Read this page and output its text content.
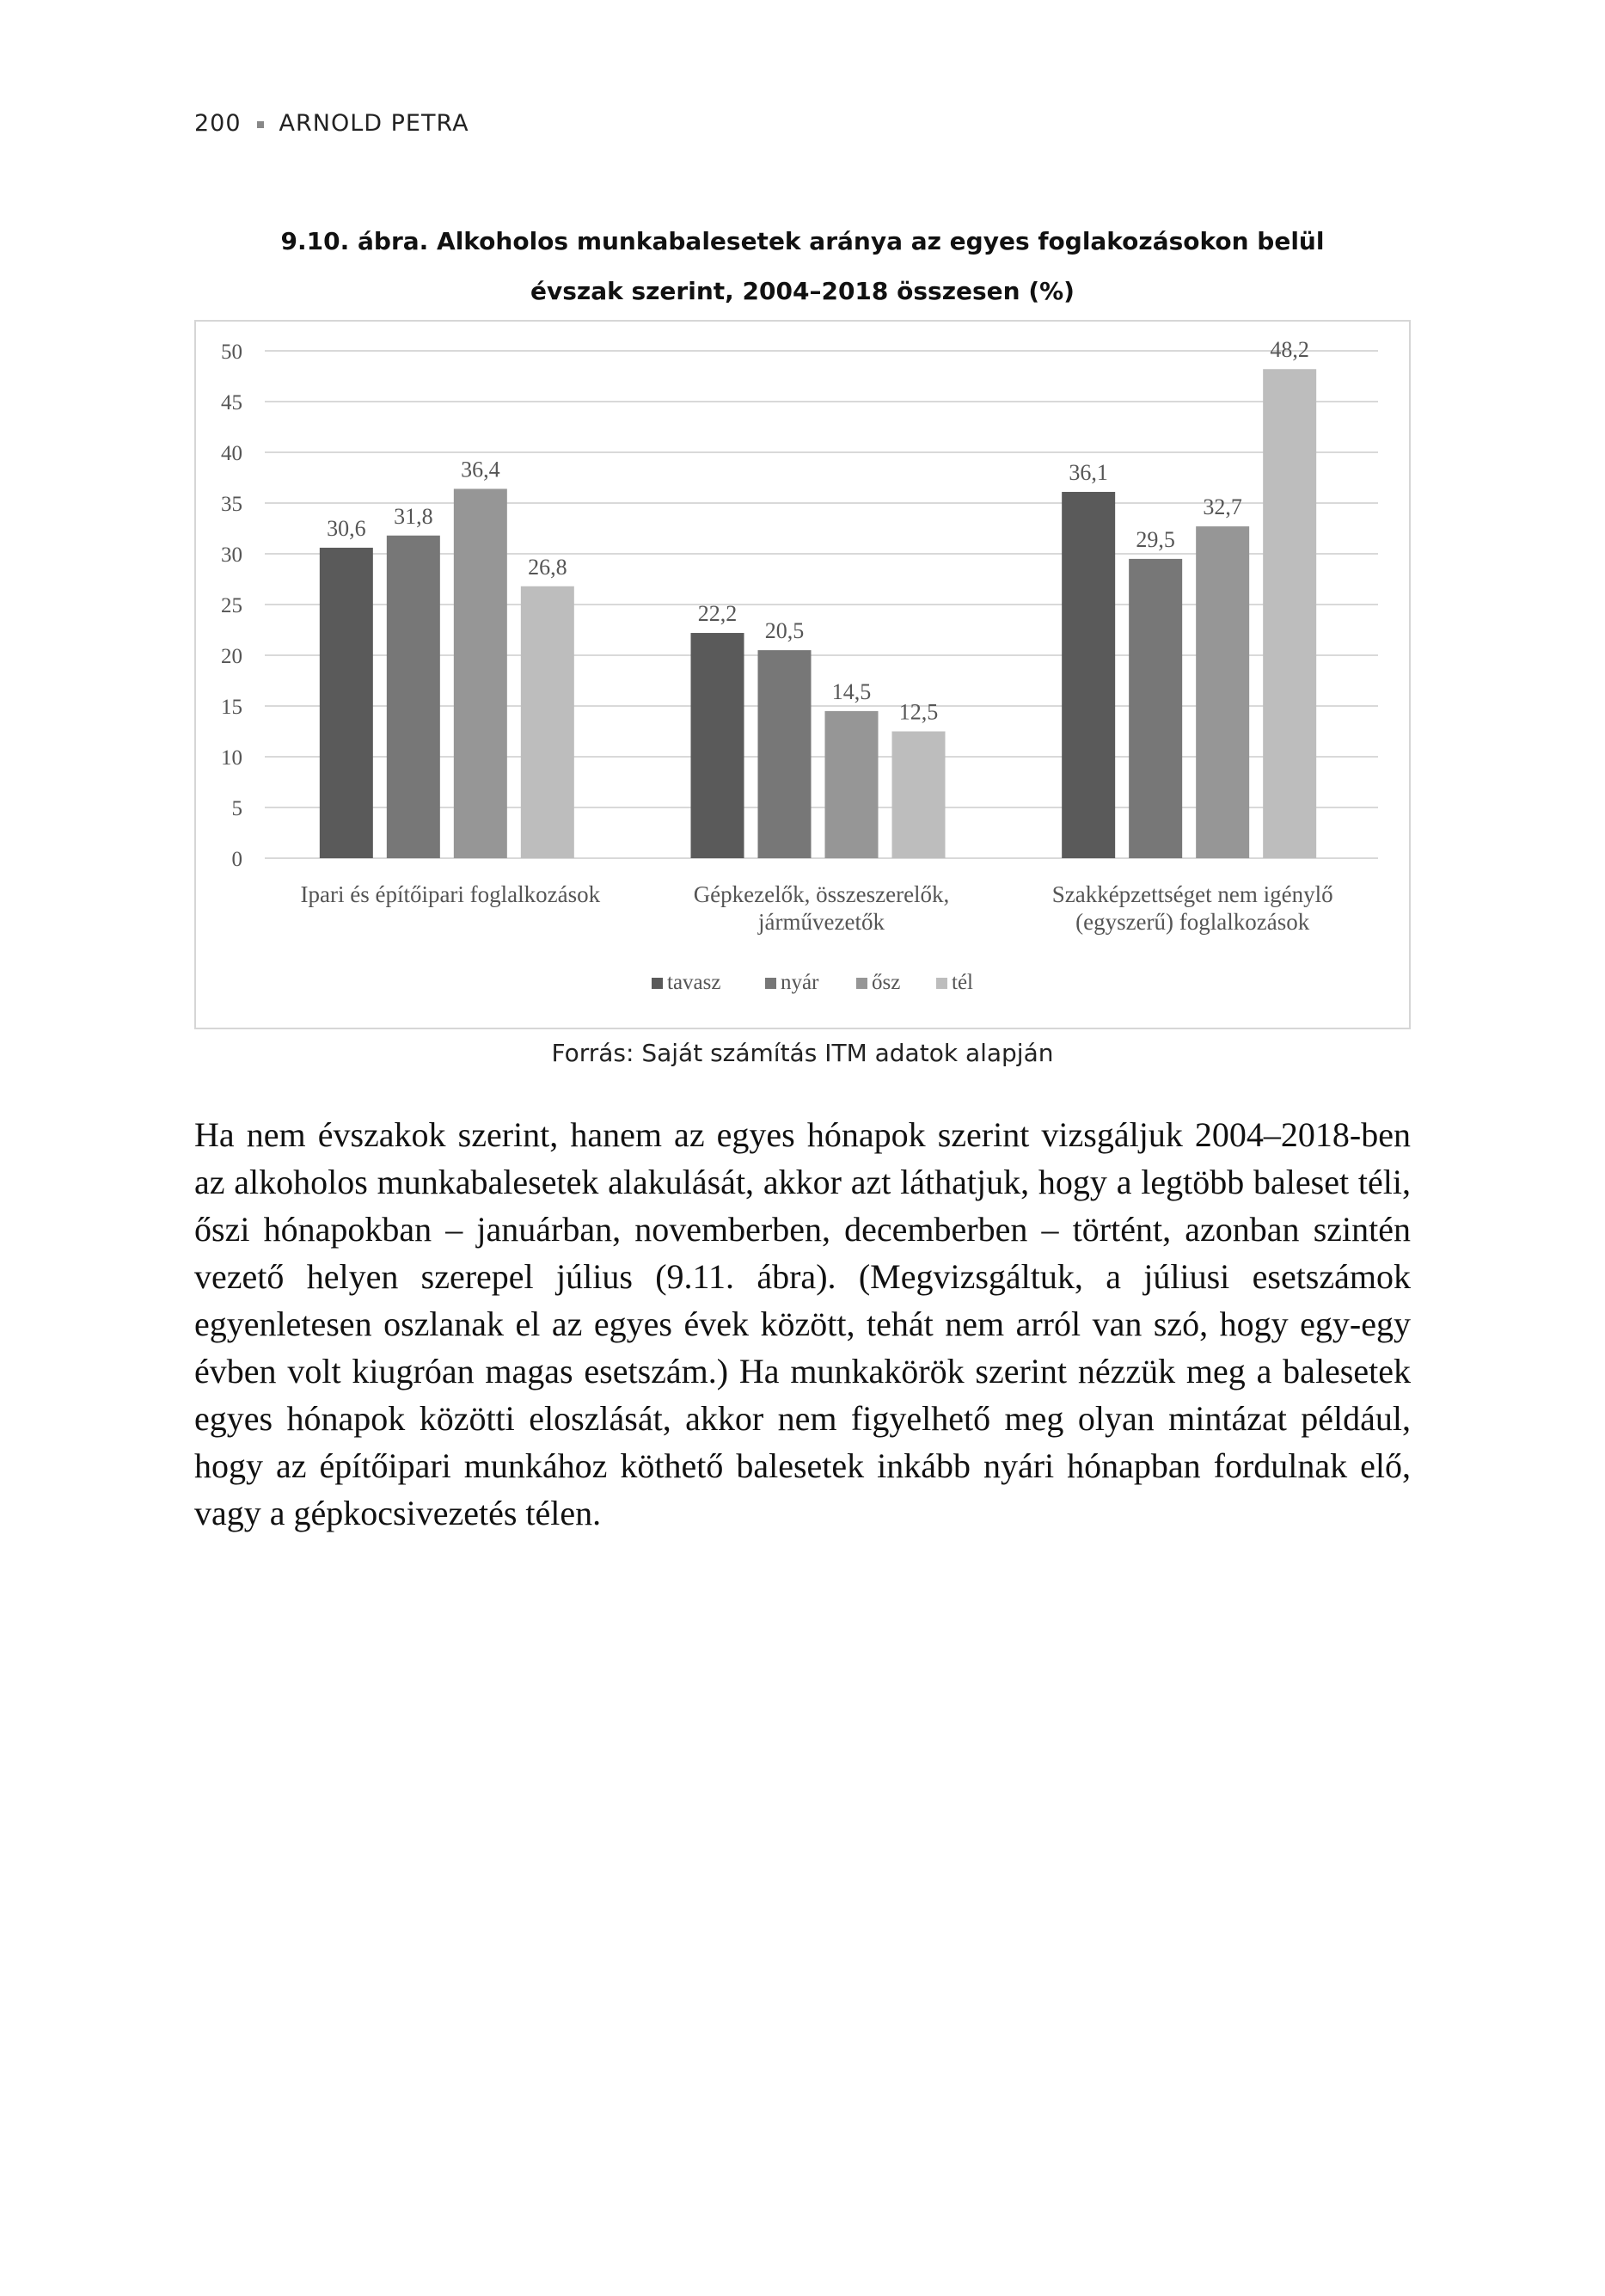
200 ARNOLD PETRA
9.10. ábra. Alkoholos munkabalesetek aránya az egyes foglakozásokon belül
évszak szerint, 2004–2018 összesen (%)
0
5
10
15
20
25
30
35
40
45
50
30,6 31,8
36,4
26,8
Ipari és építőipari foglalkozások
22,2
20,5
14,5
12,5
Gépkezelők, összeszerelők,
járművezetők
36,1
29,5
32,7
48,2
Szakképzettséget nem igénylő
(egyszerű) foglalkozások
tavasz	nyár ősz tél
Forrás: Saját számítás ITM adatok alapján

Ha nem évszakok szerint, hanem az egyes hónapok szerint vizsgáljuk 2004–2018-ben az alkoholos munkabalesetek alakulását, akkor azt láthatjuk, hogy a legtöbb baleset téli, őszi hónapokban – januárban, novemberben, decemberben – történt, azonban szintén vezető helyen szerepel július (9.11. ábra). (Megvizsgáltuk, a júliusi esetszámok egyenletesen oszlanak el az egyes évek között, tehát nem arról van szó, hogy egy-egy évben volt kiugróan magas esetszám.) Ha munkakörök szerint nézzük meg a balesetek egyes hónapok közötti eloszlását, akkor nem figyelhető meg olyan mintázat például, hogy az építőipari munkához köthető balesetek inkább nyári hónapban fordulnak elő, vagy a gépkocsivezetés télen.
